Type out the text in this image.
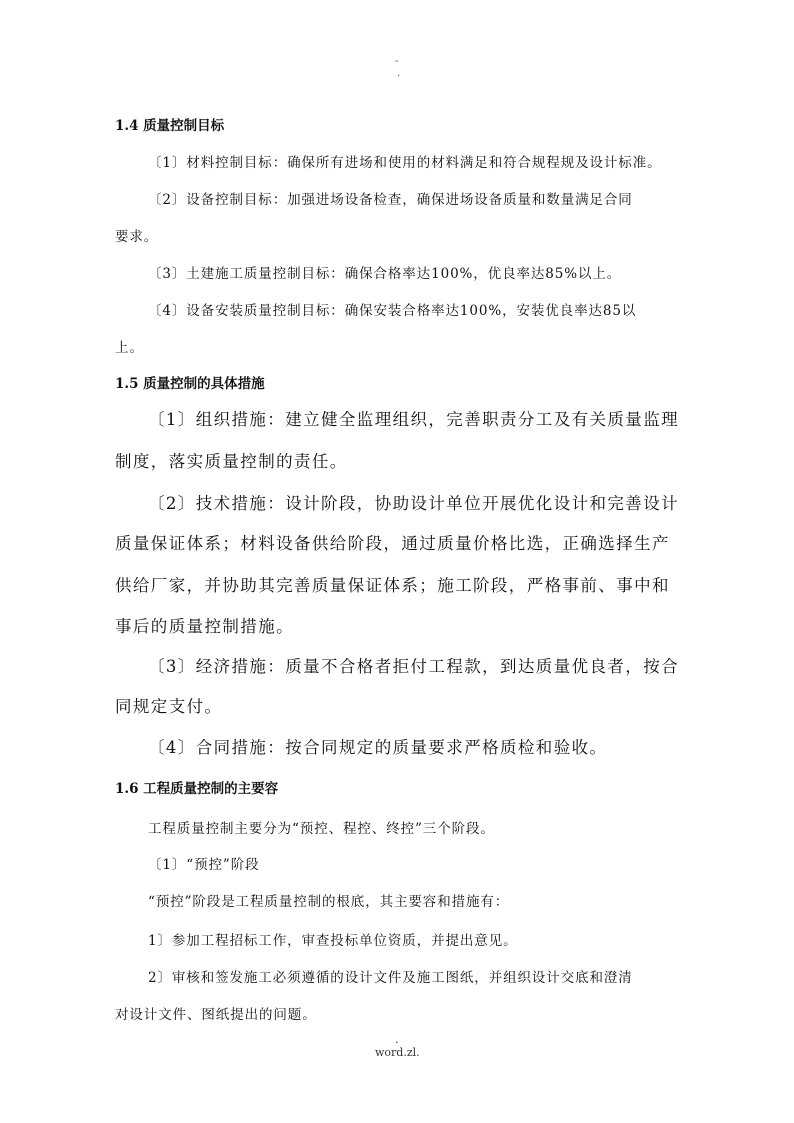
-
.
1.4 质量控制目标
〔1〕材料控制目标：确保所有进场和使用的材料满足和符合规程规及设计标准。
〔2〕设备控制目标：加强进场设备检查，确保进场设备质量和数量满足合同
要求。
〔3〕土建施工质量控制目标：确保合格率达100%，优良率达85%以上。
〔4〕设备安装质量控制目标：确保安装合格率达100%，安装优良率达85以
上。
1.5 质量控制的具体措施
〔1〕组织措施：建立健全监理组织，完善职责分工及有关质量监理
制度，落实质量控制的责任。
〔2〕技术措施：设计阶段，协助设计单位开展优化设计和完善设计
质量保证体系；材料设备供给阶段，通过质量价格比选，正确选择生产
供给厂家，并协助其完善质量保证体系；施工阶段，严格事前、事中和
事后的质量控制措施。
〔3〕经济措施：质量不合格者拒付工程款，到达质量优良者，按合
同规定支付。
〔4〕合同措施：按合同规定的质量要求严格质检和验收。
1.6 工程质量控制的主要容
工程质量控制主要分为“预控、程控、终控”三个阶段。
〔1〕“预控”阶段
“预控”阶段是工程质量控制的根底，其主要容和措施有：
1〕参加工程招标工作，审查投标单位资质，并提出意见。
2〕审核和签发施工必须遵循的设计文件及施工图纸，并组织设计交底和澄清
对设计文件、图纸提出的问题。
.
word.zl.
